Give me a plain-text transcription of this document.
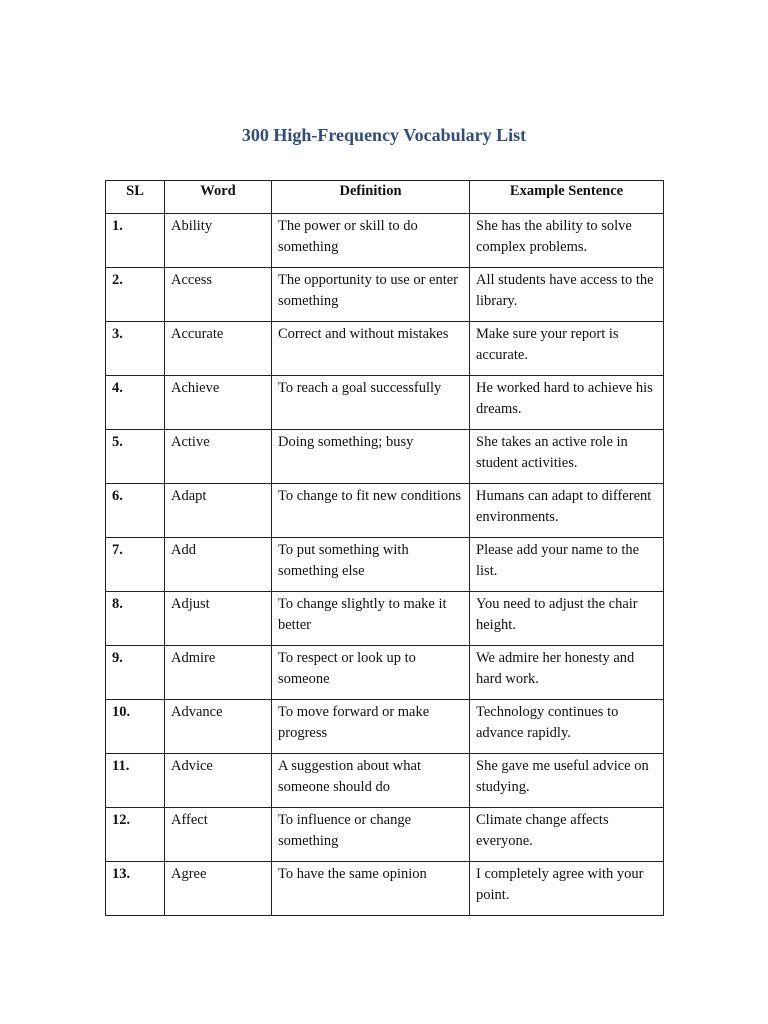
300 High-Frequency Vocabulary List
SL	Word	Definition	Example Sentence

1.	Ability	The power or skill to do something	She has the ability to solve complex problems.
2.	Access	The opportunity to use or enter something	All students have access to the library.
3.	Accurate	Correct and without mistakes	Make sure your report is accurate.
4.	Achieve	To reach a goal successfully	He worked hard to achieve his dreams.
5.	Active	Doing something; busy	She takes an active role in student activities.
6.	Adapt	To change to fit new conditions	Humans can adapt to different environments.
7.	Add	To put something with something else	Please add your name to the list.
8.	Adjust	To change slightly to make it better	You need to adjust the chair height.
9.	Admire	To respect or look up to someone	We admire her honesty and hard work.
10.	Advance	To move forward or make progress	Technology continues to advance rapidly.
11.	Advice	A suggestion about what someone should do	She gave me useful advice on studying.
12.	Affect	To influence or change something	Climate change affects everyone.
13.	Agree	To have the same opinion	I completely agree with your point.
